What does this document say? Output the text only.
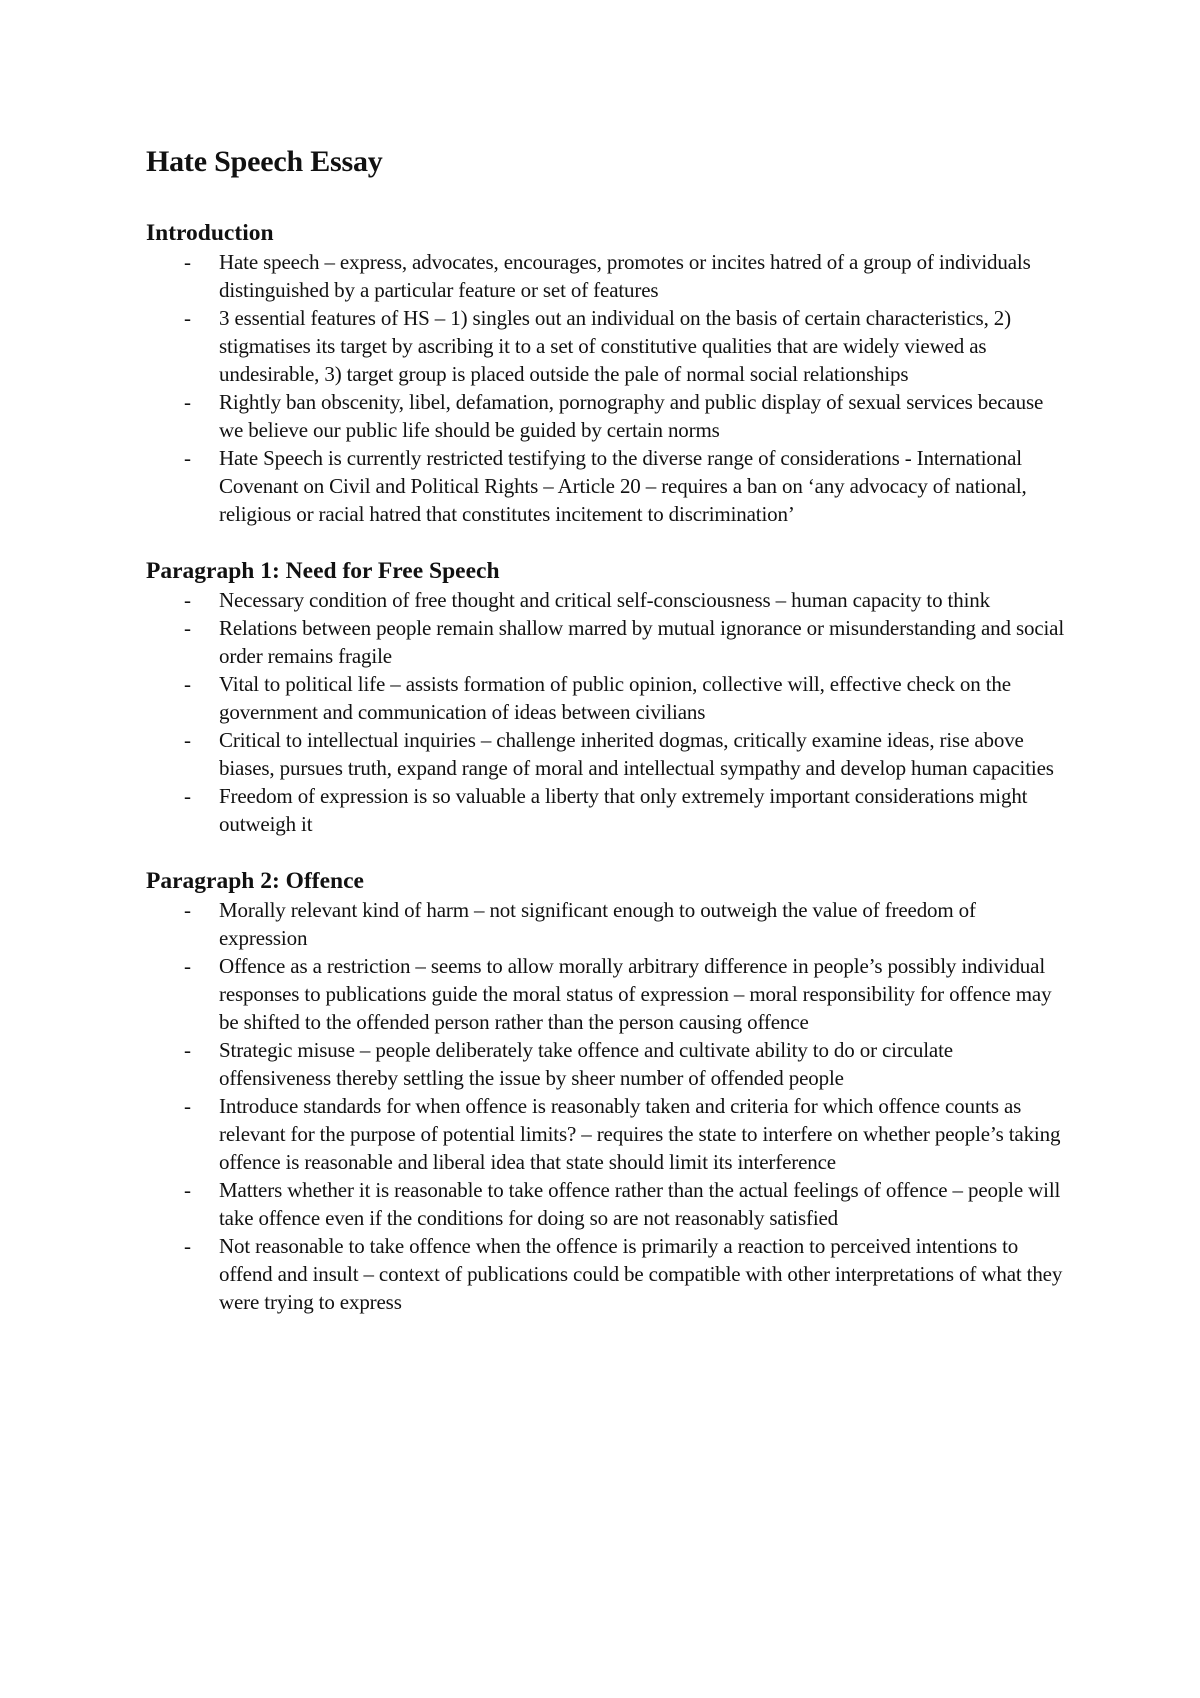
Hate Speech Essay
Introduction
- Hate speech – express, advocates, encourages, promotes or incites hatred of a group of individuals distinguished by a particular feature or set of features
- 3 essential features of HS – 1) singles out an individual on the basis of certain characteristics, 2) stigmatises its target by ascribing it to a set of constitutive qualities that are widely viewed as undesirable, 3) target group is placed outside the pale of normal social relationships
- Rightly ban obscenity, libel, defamation, pornography and public display of sexual services because we believe our public life should be guided by certain norms
- Hate Speech is currently restricted testifying to the diverse range of considerations - International Covenant on Civil and Political Rights – Article 20 – requires a ban on ‘any advocacy of national, religious or racial hatred that constitutes incitement to discrimination’
Paragraph 1: Need for Free Speech
- Necessary condition of free thought and critical self-consciousness – human capacity to think
- Relations between people remain shallow marred by mutual ignorance or misunderstanding and social order remains fragile
- Vital to political life – assists formation of public opinion, collective will, effective check on the government and communication of ideas between civilians
- Critical to intellectual inquiries – challenge inherited dogmas, critically examine ideas, rise above biases, pursues truth, expand range of moral and intellectual sympathy and develop human capacities
- Freedom of expression is so valuable a liberty that only extremely important considerations might outweigh it
Paragraph 2: Offence
- Morally relevant kind of harm – not significant enough to outweigh the value of freedom of expression
- Offence as a restriction – seems to allow morally arbitrary difference in people’s possibly individual responses to publications guide the moral status of expression – moral responsibility for offence may be shifted to the offended person rather than the person causing offence
- Strategic misuse – people deliberately take offence and cultivate ability to do or circulate offensiveness thereby settling the issue by sheer number of offended people
- Introduce standards for when offence is reasonably taken and criteria for which offence counts as relevant for the purpose of potential limits? – requires the state to interfere on whether people’s taking offence is reasonable and liberal idea that state should limit its interference
- Matters whether it is reasonable to take offence rather than the actual feelings of offence – people will take offence even if the conditions for doing so are not reasonably satisfied
- Not reasonable to take offence when the offence is primarily a reaction to perceived intentions to offend and insult – context of publications could be compatible with other interpretations of what they were trying to express
